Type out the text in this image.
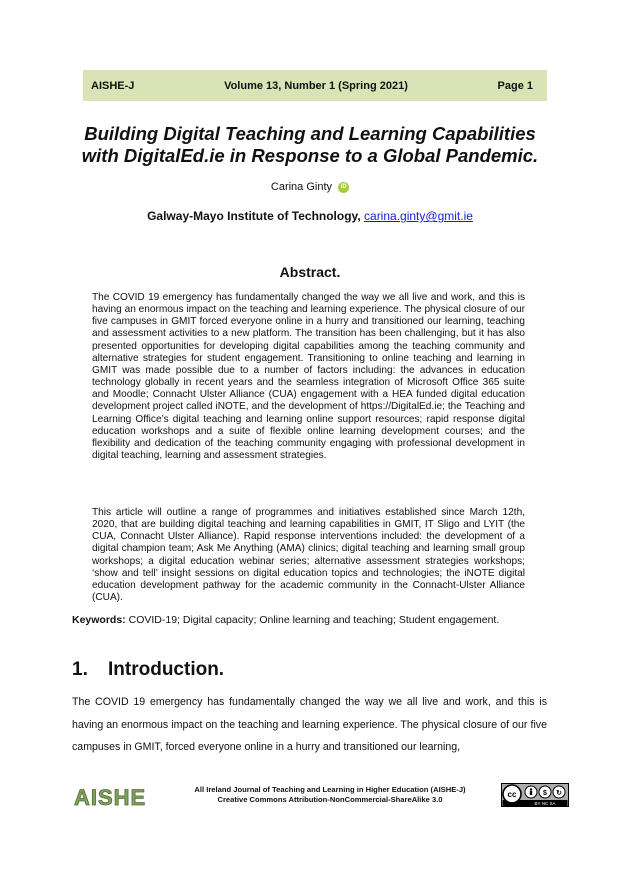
AISHE-J	Volume 13, Number 1 (Spring 2021)	Page 1
Building Digital Teaching and Learning Capabilities
with DigitalEd.ie in Response to a Global Pandemic.
Carina Ginty iD
Galway-Mayo Institute of Technology, carina.ginty@gmit.ie
Abstract.

The COVID 19 emergency has fundamentally changed the way we all live and work, and this is having an enormous impact on the teaching and learning experience. The physical closure of our five campuses in GMIT forced everyone online in a hurry and transitioned our learning, teaching and assessment activities to a new platform. The transition has been challenging, but it has also presented opportunities for developing digital capabilities among the teaching community and alternative strategies for student engagement. Transitioning to online teaching and learning in GMIT was made possible due to a number of factors including: the advances in education technology globally in recent years and the seamless integration of Microsoft Office 365 suite and Moodle; Connacht Ulster Alliance (CUA) engagement with a HEA funded digital education development project called iNOTE, and the development of https://DigitalEd.ie; the Teaching and Learning Office’s digital teaching and learning online support resources; rapid response digital education workshops and a suite of flexible online learning development courses; and the flexibility and dedication of the teaching community engaging with professional development in digital teaching, learning and assessment strategies.

This article will outline a range of programmes and initiatives established since March 12th, 2020, that are building digital teaching and learning capabilities in GMIT, IT Sligo and LYIT (the CUA, Connacht Ulster Alliance). Rapid response interventions included: the development of a digital champion team; Ask Me Anything (AMA) clinics; digital teaching and learning small group workshops; a digital education webinar series; alternative assessment strategies workshops; ‘show and tell’ insight sessions on digital education topics and technologies; the iNOTE digital education development pathway for the academic community in the Connacht-Ulster Alliance (CUA).

Keywords: COVID-19; Digital capacity; Online learning and teaching; Student engagement.

1. Introduction.

The COVID 19 emergency has fundamentally changed the way we all live and work, and this is having an enormous impact on the teaching and learning experience. The physical closure of our five campuses in GMIT, forced everyone online in a hurry and transitioned our learning,

AISHE	All Ireland Journal of Teaching and Learning in Higher Education (AISHE-J)
Creative Commons Attribution-NonCommercial-ShareAlike 3.0
cc	$ ↻
BY NC SA
